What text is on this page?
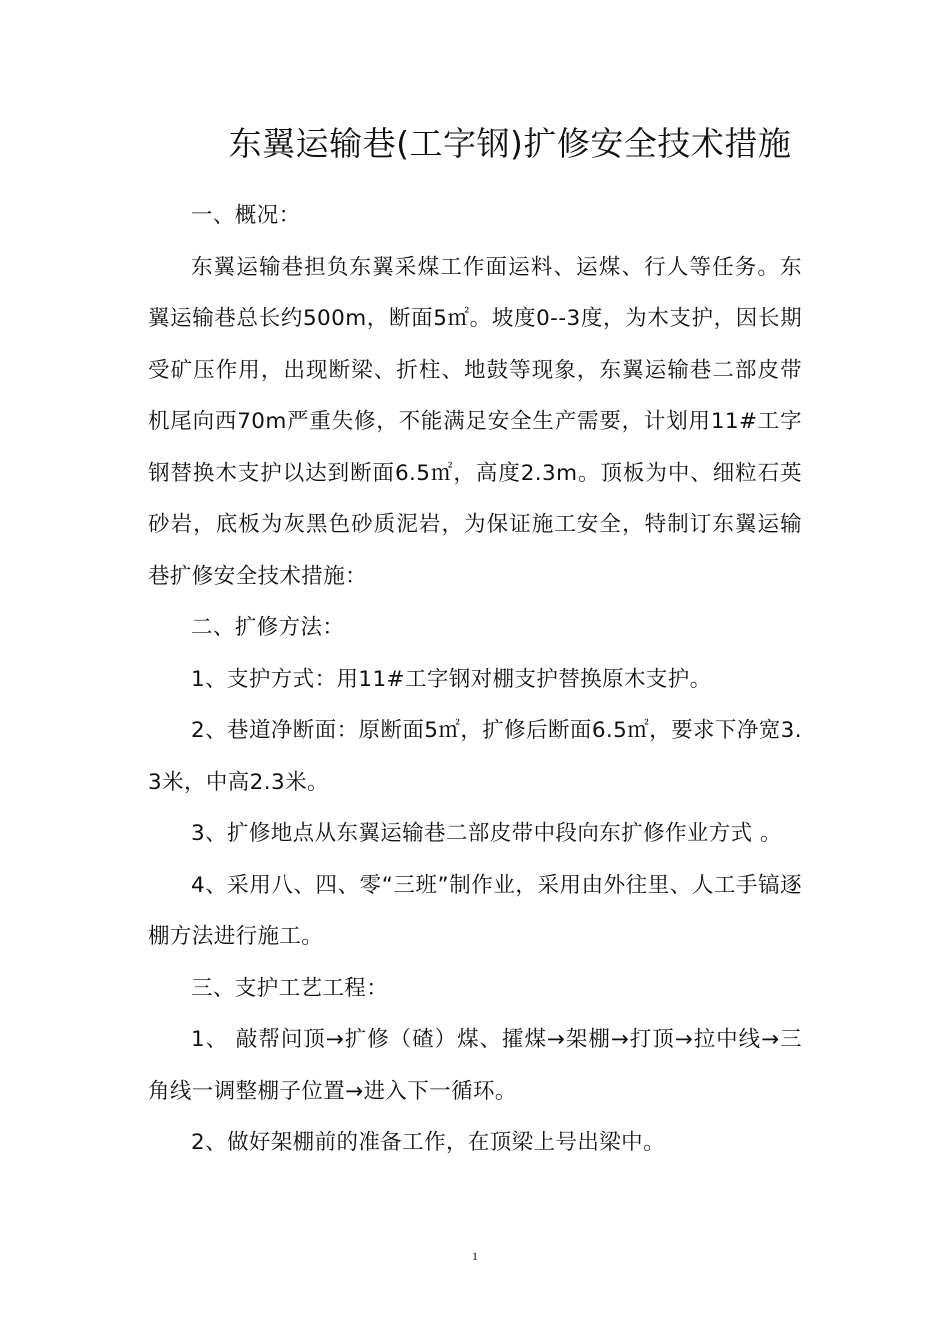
东翼运输巷(工字钢)扩修安全技术措施

一、概况：

东翼运输巷担负东翼采煤工作面运料、运煤、行人等任务。东翼运输巷总长约500m，断面5㎡。坡度0--3度，为木支护，因长期受矿压作用，出现断梁、折柱、地鼓等现象，东翼运输巷二部皮带机尾向西70m严重失修，不能满足安全生产需要，计划用11#工字钢替换木支护以达到断面6.5㎡，高度2.3m。顶板为中、细粒石英砂岩，底板为灰黑色砂质泥岩，为保证施工安全，特制订东翼运输巷扩修安全技术措施：

二、扩修方法：

1、支护方式：用11#工字钢对棚支护替换原木支护。

2、巷道净断面：原断面5㎡，扩修后断面6.5㎡，要求下净宽3.3米，中高2.3米。

3、扩修地点从东翼运输巷二部皮带中段向东扩修作业方式 。

4、采用八、四、零“三班”制作业，采用由外往里、人工手镐逐棚方法进行施工。

三、支护工艺工程：

1、 敲帮问顶→扩修（碴）煤、攉煤→架棚→打顶→拉中线→三角线一调整棚子位置→进入下一循环。

2、做好架棚前的准备工作，在顶梁上号出梁中。

1
